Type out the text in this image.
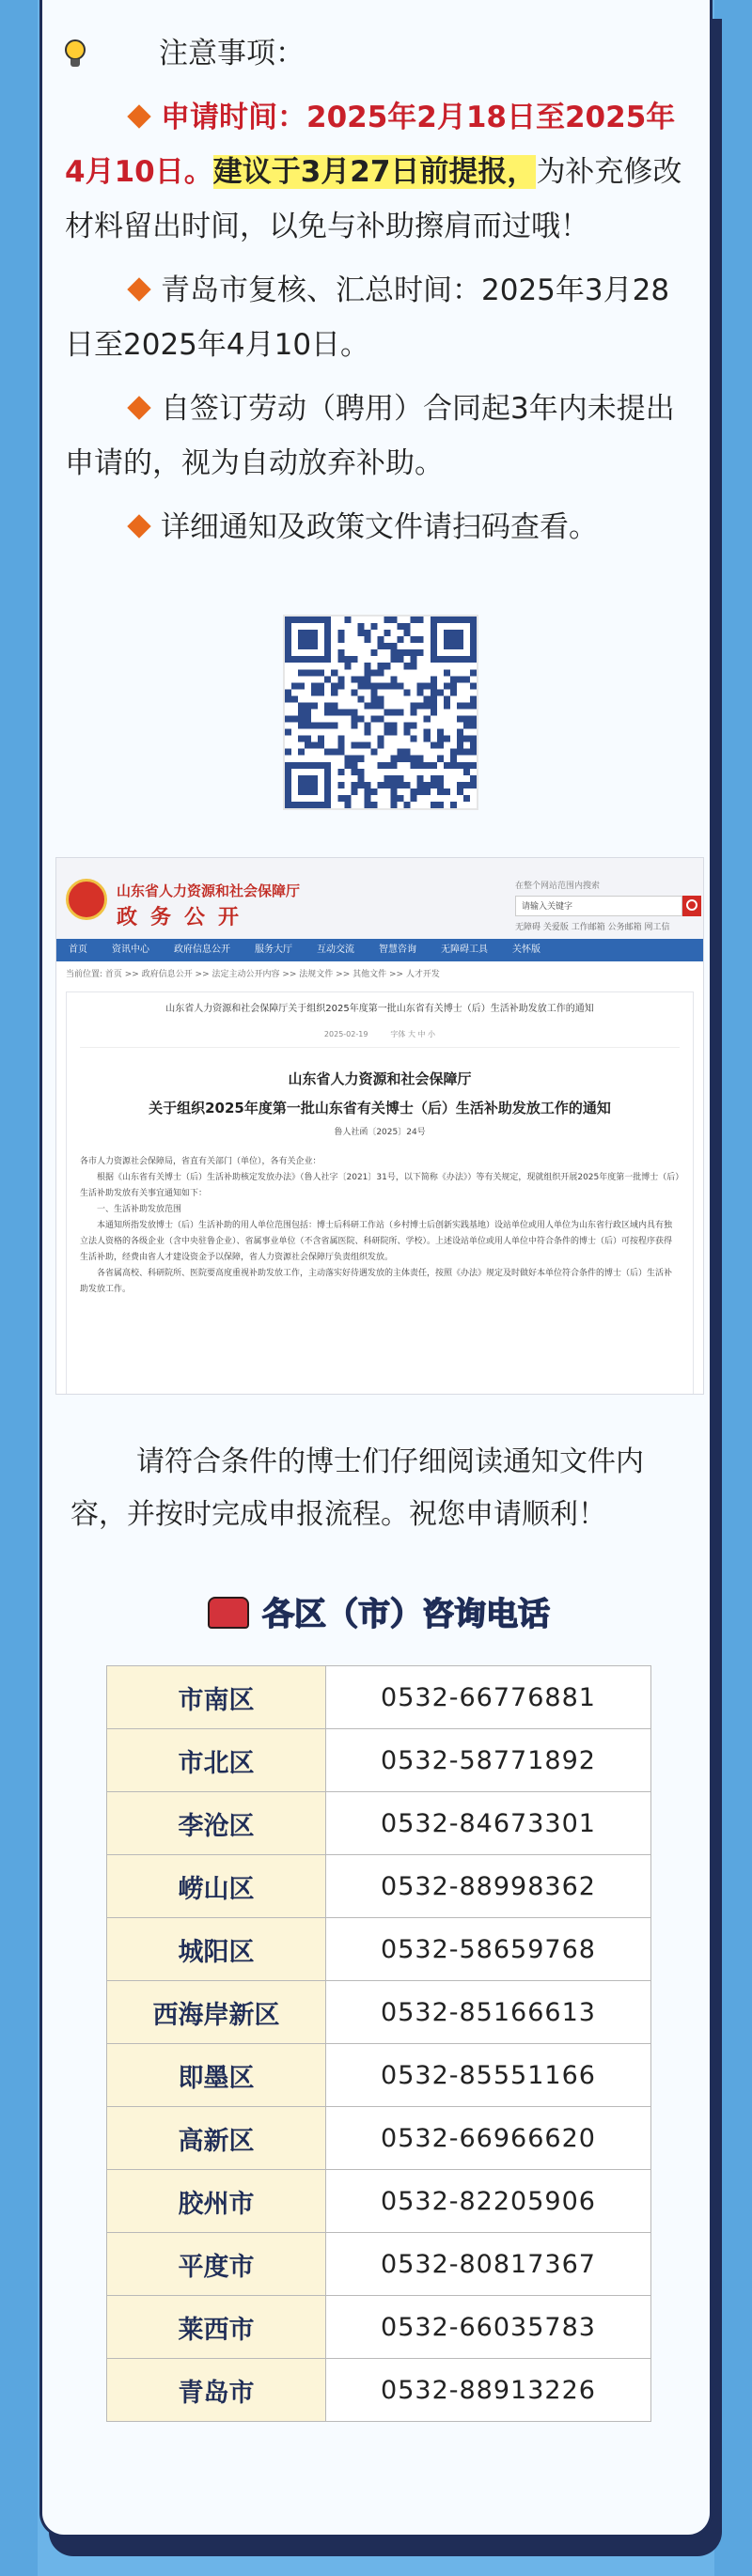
注意事项：

申请时间：2025年2月18日至2025年4月10日。建议于3月27日前提报，为补充修改材料留出时间，以免与补助擦肩而过哦！

青岛市复核、汇总时间：2025年3月28日至2025年4月10日。

自签订劳动（聘用）合同起3年内未提出申请的，视为自动放弃补助。

详细通知及政策文件请扫码查看。

山东省人力资源和社会保障厅
政务公开
在整个网站范围内搜索
请输入关键字
无障碍 关爱版 工作邮箱 公务邮箱 网工信
首页	资讯中心	政府信息公开	服务大厅	互动交流	智慧咨询	无障碍工具	关怀版
当前位置: 首页 >> 政府信息公开 >> 法定主动公开内容 >> 法规文件 >> 其他文件 >> 人才开发
山东省人力资源和社会保障厅关于组织2025年度第一批山东省有关博士（后）生活补助发放工作的通知
2025-02-19　　　	字体 大 中 小
山东省人力资源和社会保障厅
关于组织2025年度第一批山东省有关博士（后）生活补助发放工作的通知
鲁人社函〔2025〕24号
各市人力资源社会保障局，省直有关部门（单位），各有关企业：
根据《山东省有关博士（后）生活补助核定发放办法》（鲁人社字〔2021〕31号，以下简称《办法》）等有关规定，现就组织开展2025年度第一批博士（后）生活补助发放有关事宜通知如下：
一、生活补助发放范围
本通知所指发放博士（后）生活补助的用人单位范围包括：博士后科研工作站（乡村博士后创新实践基地）设站单位或用人单位为山东省行政区域内具有独立法人资格的各级企业（含中央驻鲁企业）、省属事业单位（不含省属医院、科研院所、学校）。上述设站单位或用人单位中符合条件的博士（后）可按程序获得生活补助，经费由省人才建设资金予以保障，省人力资源社会保障厅负责组织发放。
各省属高校、科研院所、医院要高度重视补助发放工作，主动落实好待遇发放的主体责任，按照《办法》规定及时做好本单位符合条件的博士（后）生活补助发放工作。

请符合条件的博士们仔细阅读通知文件内容，并按时完成申报流程。祝您申请顺利！

各区（市）咨询电话
市南区	0532-66776881
市北区	0532-58771892
李沧区	0532-84673301
崂山区	0532-88998362
城阳区	0532-58659768
西海岸新区	0532-85166613
即墨区	0532-85551166
高新区	0532-66966620
胶州市	0532-82205906
平度市	0532-80817367
莱西市	0532-66035783
青岛市	0532-88913226
